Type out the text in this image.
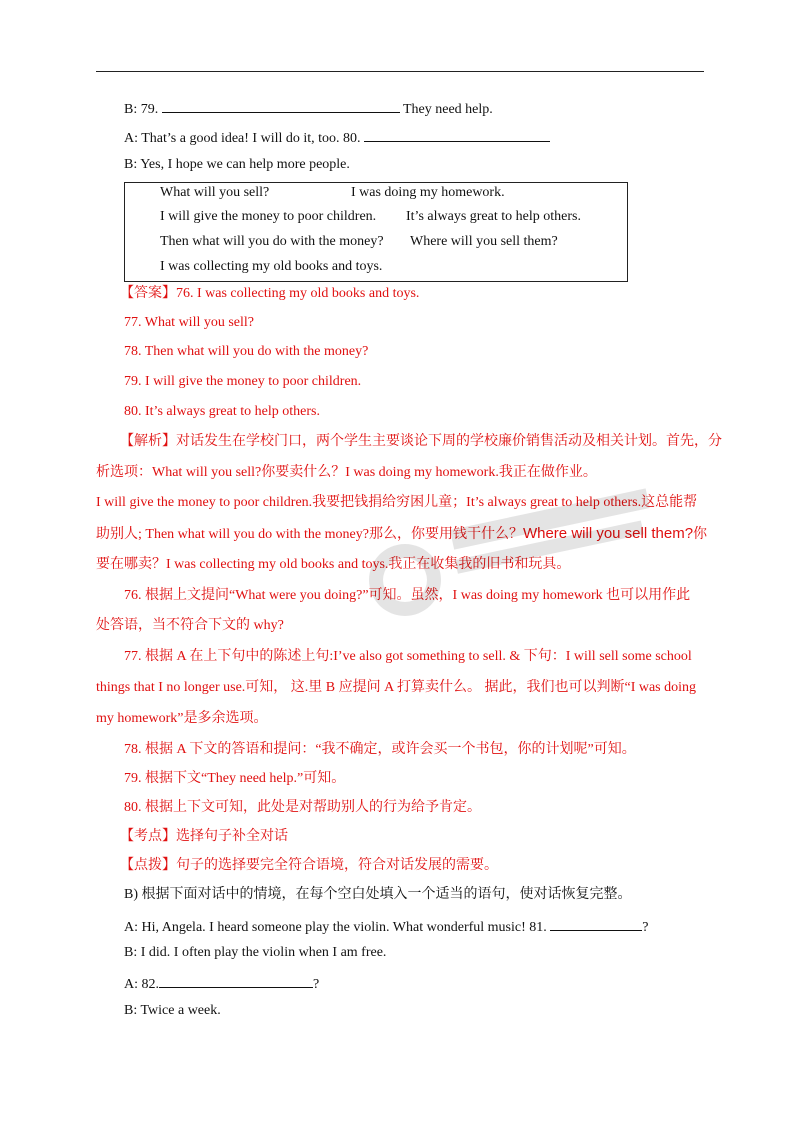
B: 79.	They need help.
A: That’s a good idea! I will do it, too. 80.
B: Yes, I hope we can help more people.
What will you sell?	I was doing my homework.
I will give the money to poor children. It’s always great to help others.
Then what will you do with the money? Where will you sell them?
I was collecting my old books and toys.
【答案】76. I was collecting my old books and toys.
77. What will you sell?
78. Then what will you do with the money?
79. I will give the money to poor children.
80. It’s always great to help others.
【解析】对话发生在学校门口，两个学生主要谈论下周的学校廉价销售活动及相关计划。首先，分
析选项：What will you sell?你要卖什么？I was doing my homework.我正在做作业。
I will give the money to poor children.我要把钱捐给穷困儿童；It’s always great to help others.这总能帮
助别人; Then what will you do with the money?那么，你要用钱干什么？Where will you sell them?你
要在哪卖？I was collecting my old books and toys.我正在收集我的旧书和玩具。
76. 根据上文提问“What were you doing?”可知。虽然，I was doing my homework 也可以用作此
处答语，当不符合下文的 why?
77. 根据 A 在上下句中的陈述上句:I’ve also got something to sell. & 下句：I will sell some school
things that I no longer use.可知， 这.里 B 应提问 A 打算卖什么。 据此，我们也可以判断“I was doing
my homework”是多余选项。
78. 根据 A 下文的答语和提问：“我不确定，或许会买一个书包，你的计划呢”可知。
79. 根据下文“They need help.”可知。
80. 根据上下文可知，此处是对帮助别人的行为给予肯定。
【考点】选择句子补全对话
【点拨】句子的选择要完全符合语境，符合对话发展的需要。
B) 根据下面对话中的情境，在每个空白处填入一个适当的语句，使对话恢复完整。
A: Hi, Angela. I heard someone play the violin. What wonderful music! 81.	?
B: I did. I often play the violin when I am free.
A: 82.	?
B: Twice a week.
